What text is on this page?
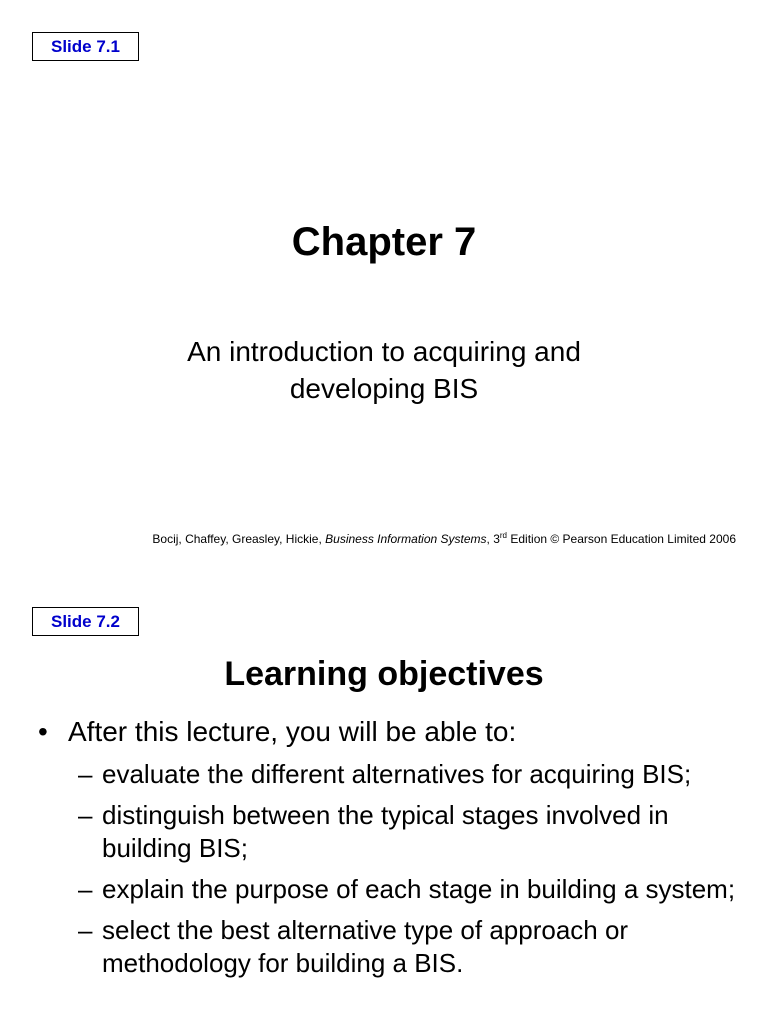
Slide 7.1
Chapter 7
An introduction to acquiring and
developing BIS
Bocij, Chaffey, Greasley, Hickie, Business Information Systems, 3rd Edition © Pearson Education Limited 2006
Slide 7.2
Learning objectives
• After this lecture, you will be able to:
– evaluate the different alternatives for acquiring BIS;
– distinguish between the typical stages involved in building BIS;
– explain the purpose of each stage in building a system;
– select the best alternative type of approach or methodology for building a BIS.
